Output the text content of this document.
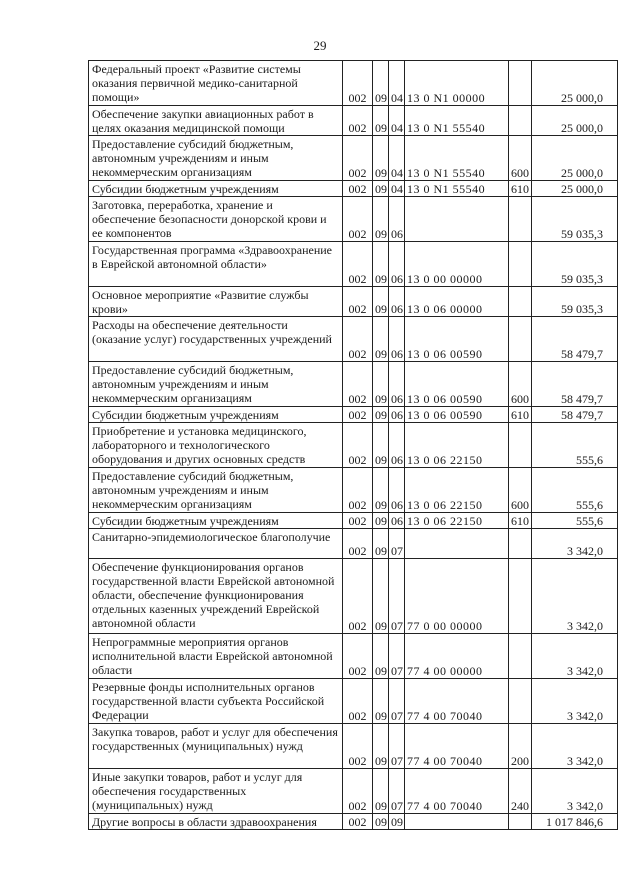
29
Федеральный проект «Развитие системы оказания первичной медико-санитарной помощи»	002	09	04	13 0 N1 00000		25 000,0
Обеспечение закупки авиационных работ в целях оказания медицинской помощи	002	09	04	13 0 N1 55540		25 000,0
Предоставление субсидий бюджетным, автономным учреждениям и иным некоммерческим организациям	002	09	04	13 0 N1 55540	600	25 000,0
Субсидии бюджетным учреждениям	002	09	04	13 0 N1 55540	610	25 000,0
Заготовка, переработка, хранение и обеспечение безопасности донорской крови и ее компонентов	002	09	06			59 035,3
Государственная программа «Здравоохранение в Еврейской автономной области»	002	09	06	13 0 00 00000		59 035,3
Основное мероприятие «Развитие службы крови»	002	09	06	13 0 06 00000		59 035,3
Расходы на обеспечение деятельности (оказание услуг) государственных учреждений	002	09	06	13 0 06 00590		58 479,7
Предоставление субсидий бюджетным, автономным учреждениям и иным некоммерческим организациям	002	09	06	13 0 06 00590	600	58 479,7
Субсидии бюджетным учреждениям	002	09	06	13 0 06 00590	610	58 479,7
Приобретение и установка медицинского, лабораторного и технологического оборудования и других основных средств	002	09	06	13 0 06 22150		555,6
Предоставление субсидий бюджетным, автономным учреждениям и иным некоммерческим организациям	002	09	06	13 0 06 22150	600	555,6
Субсидии бюджетным учреждениям	002	09	06	13 0 06 22150	610	555,6
Санитарно-эпидемиологическое благополучие	002	09	07			3 342,0
Обеспечение функционирования органов государственной власти Еврейской автономной области, обеспечение функционирования отдельных казенных учреждений Еврейской автономной области	002	09	07	77 0 00 00000		3 342,0
Непрограммные мероприятия органов исполнительной власти Еврейской автономной области	002	09	07	77 4 00 00000		3 342,0
Резервные фонды исполнительных органов государственной власти субъекта Российской Федерации	002	09	07	77 4 00 70040		3 342,0
Закупка товаров, работ и услуг для обеспечения государственных (муниципальных) нужд	002	09	07	77 4 00 70040	200	3 342,0
Иные закупки товаров, работ и услуг для обеспечения государственных (муниципальных) нужд	002	09	07	77 4 00 70040	240	3 342,0
Другие вопросы в области здравоохранения	002	09	09			1 017 846,6
